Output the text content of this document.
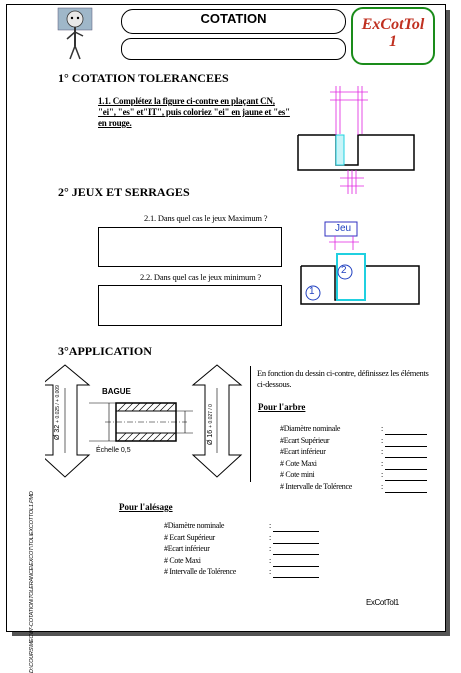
COTATION	ExCotTol
1
1° COTATION TOLERANCEES
1.1. Complétez la figure ci-contre en plaçant CN, "ei", "es" et"IT", puis coloriez "ei" en jaune et "es" en rouge.
2° JEUX ET SERRAGES
2.1. Dans quel cas le jeux Maximum ?
2.2. Dans quel cas le jeux minimum ?
Jeu
2
1
3°APPLICATION
BAGUE
Échelle 0,5
Ø 32 + 0.025 / + 0.009
Ø 16 + 0.027 / 0
En fonction du dessin ci-contre, définissez les éléments ci-dessous.
Pour l'arbre
#Diamètre nominale	:
#Ecart Supérieur	:
#Ecart inférieur	:
# Cote Maxi	:
# Cote mini	:
# Intervalle de Tolérence	:
Pour l'alésage
#Diamètre nominale	:
# Ecart Supérieur	:
#Ecart inférieur	:
# Cote Maxi	:
# Intervalle de Tolérence	:
ExCotTol1
D:\COURS\MEC\07-COTATION\TOLERANCE\EXCOT\TOL\EXCOTTOL1.PMD
